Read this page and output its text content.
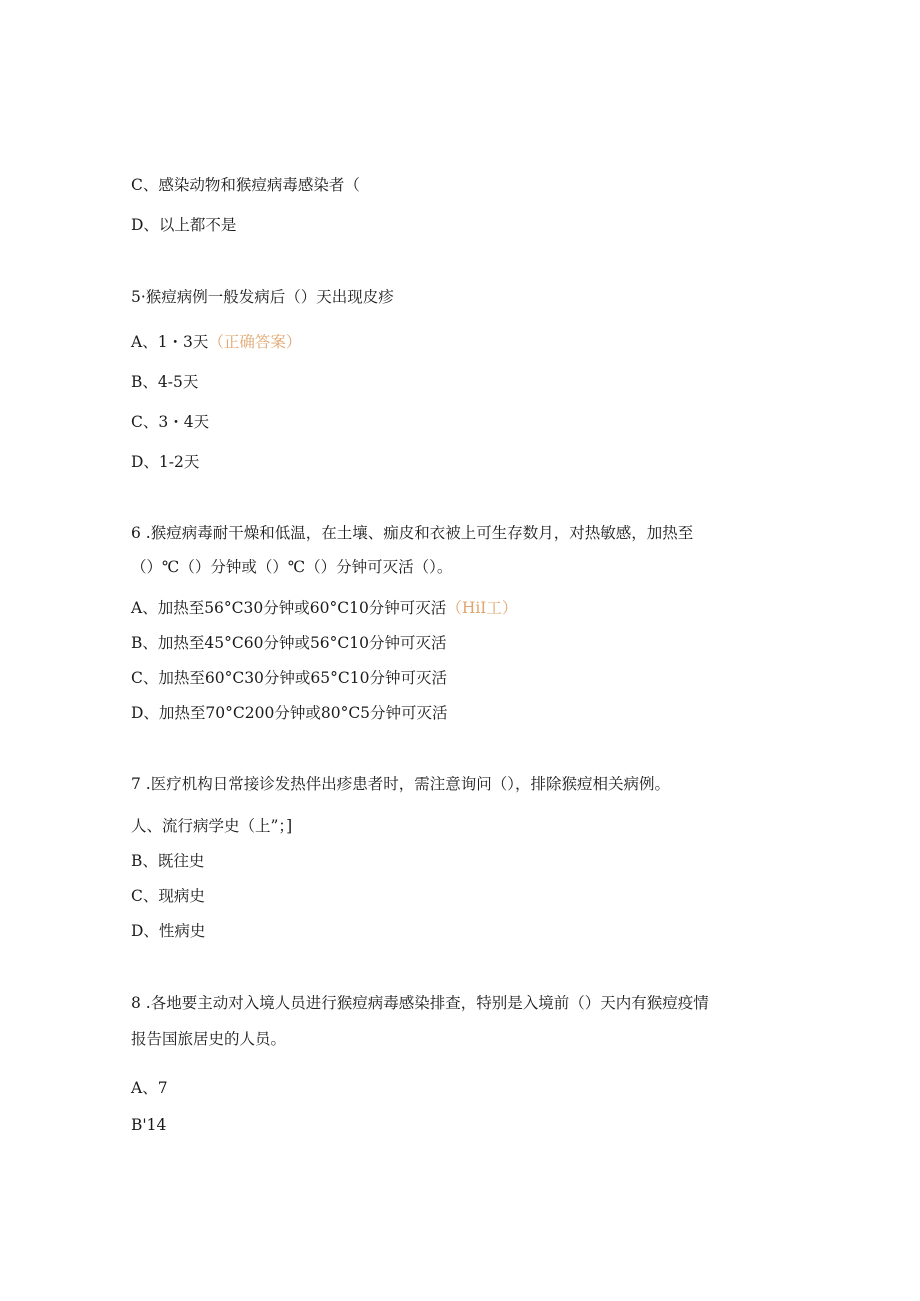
C、感染动物和猴痘病毒感染者（
D、以上都不是
5·猴痘病例一般发病后（）天出现皮疹
A、1・3天（正确答案）
B、4-5天
C、3・4天
D、1-2天
6 .猴痘病毒耐干燥和低温，在土壤、痂皮和衣被上可生存数月，对热敏感，加热至
（）℃（）分钟或（）℃（）分钟可灭活（）。
A、加热至56°C30分钟或60°C10分钟可灭活（HiI工）
B、加热至45°C60分钟或56°C10分钟可灭活
C、加热至60°C30分钟或65°C10分钟可灭活
D、加热至70°C200分钟或80°C5分钟可灭活
7 .医疗机构日常接诊发热伴出疹患者时，需注意询问（），排除猴痘相关病例。
人、流行病学史（上”；]
B、既往史
C、现病史
D、性病史
8 .各地要主动对入境人员进行猴痘病毒感染排查，特别是入境前（）天内有猴痘疫情
报告国旅居史的人员。
A、7
B'14
